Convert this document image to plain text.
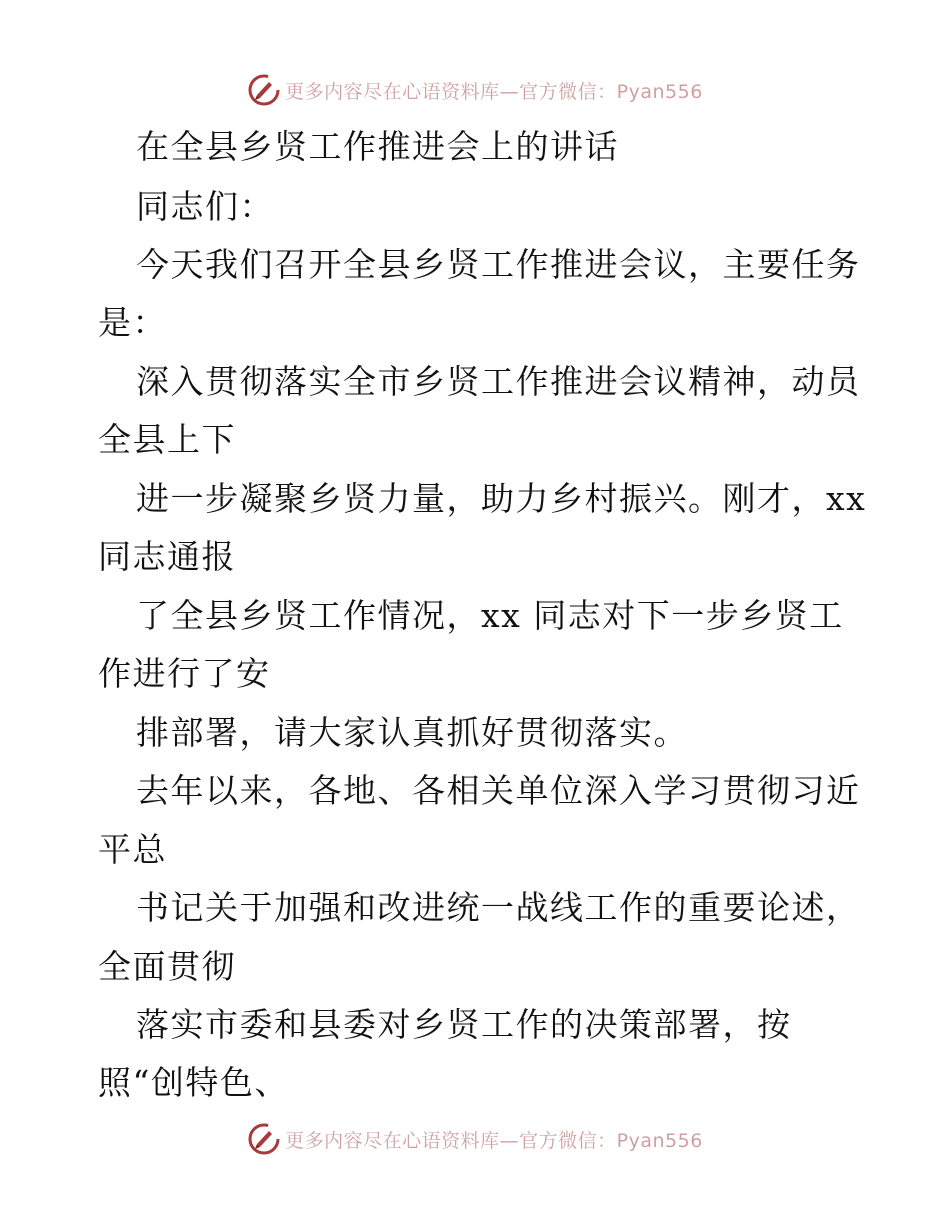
更多内容尽在心语资料库—官方微信：Pyan556
在全县乡贤工作推进会上的讲话
同志们：
今天我们召开全县乡贤工作推进会议，主要任务
是：
深入贯彻落实全市乡贤工作推进会议精神，动员
全县上下
进一步凝聚乡贤力量，助力乡村振兴。刚才，xx
同志通报
了全县乡贤工作情况，xx 同志对下一步乡贤工
作进行了安
排部署，请大家认真抓好贯彻落实。
去年以来，各地、各相关单位深入学习贯彻习近
平总
书记关于加强和改进统一战线工作的重要论述，
全面贯彻
落实市委和县委对乡贤工作的决策部署，按
照“创特色、
更多内容尽在心语资料库—官方微信：Pyan556
